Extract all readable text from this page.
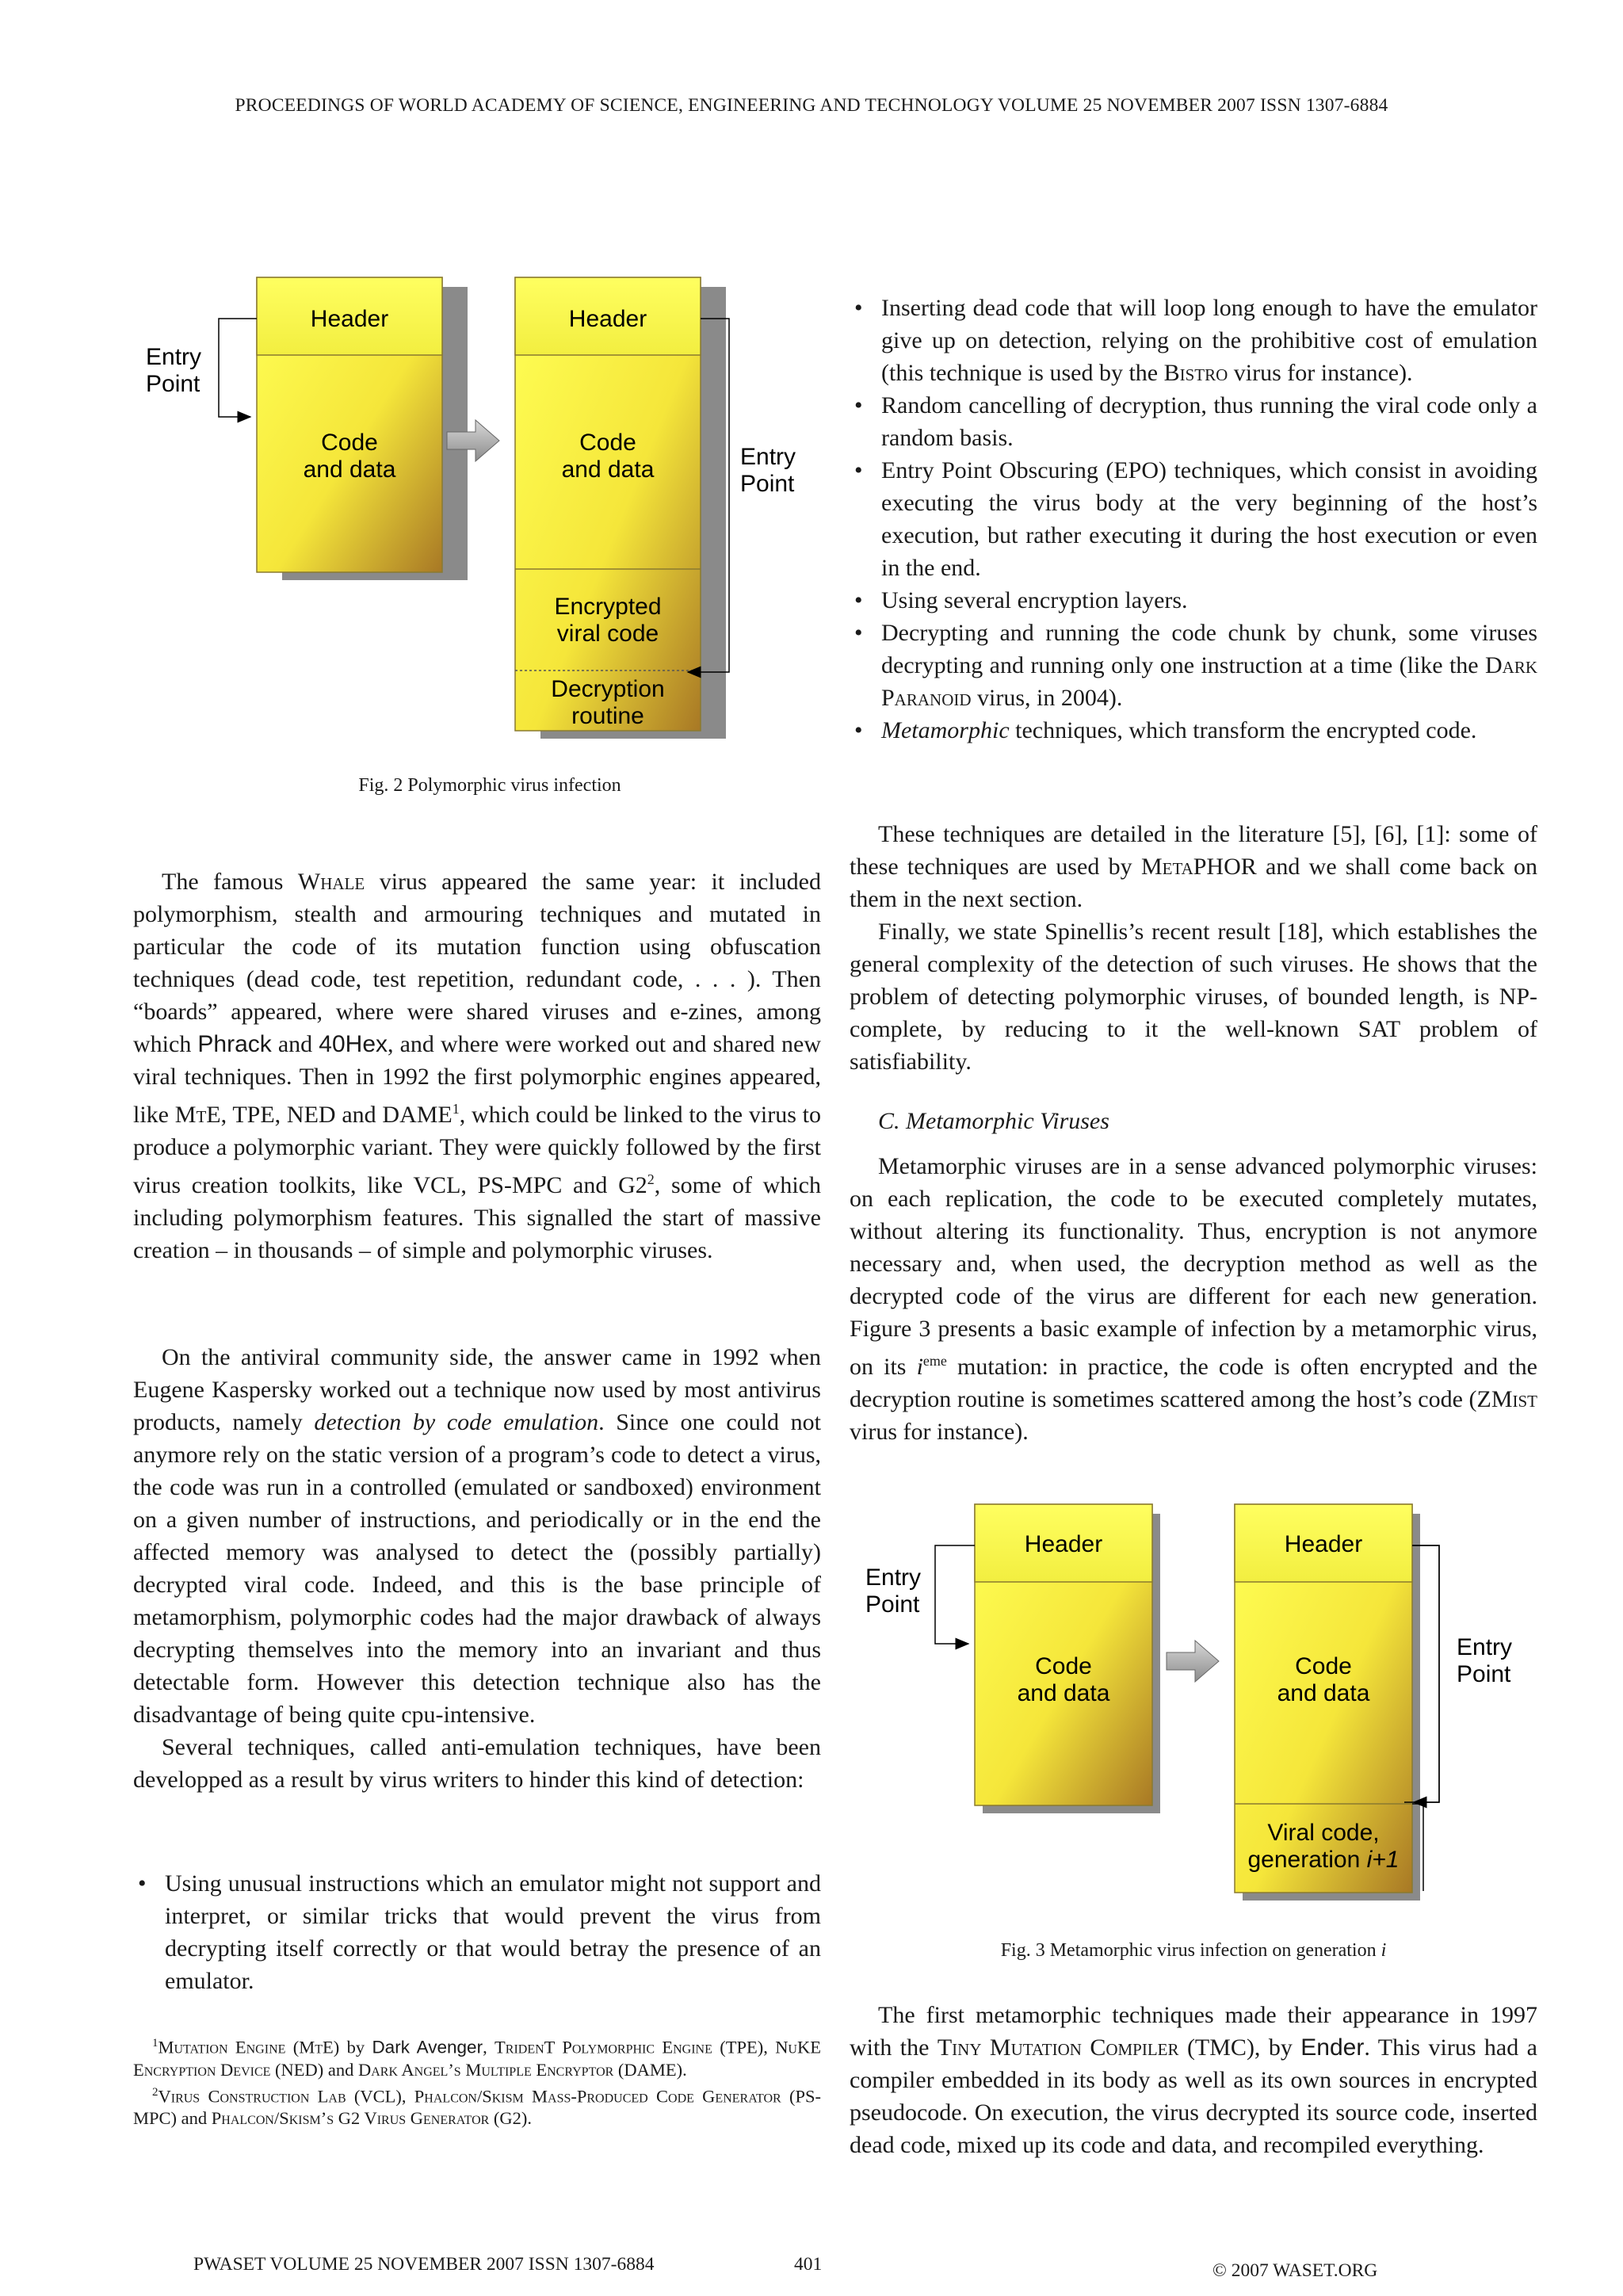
PROCEEDINGS OF WORLD ACADEMY OF SCIENCE, ENGINEERING AND TECHNOLOGY VOLUME 25 NOVEMBER 2007 ISSN 1307-6884
Header
Code
and data
Entry
Point
Header
Code
and data
Encrypted
viral code
Decryption
routine
Entry
Point
Fig. 2 Polymorphic virus infection

The famous Whale virus appeared the same year: it included polymorphism, stealth and armouring techniques and mutated in particular the code of its mutation function using obfuscation techniques (dead code, test repetition, redundant code, . . . ). Then “boards” appeared, where were shared viruses and e-zines, among which Phrack and 40Hex, and where were worked out and shared new viral techniques. Then in 1992 the first polymorphic engines appeared, like MtE, TPE, NED and DAME$^1$, which could be linked to the virus to produce a polymorphic variant. They were quickly followed by the first virus creation toolkits, like VCL, PS-MPC and $G2^2$, some of which including polymorphism features. This signalled the start of massive creation – in thousands – of simple and polymorphic viruses.

On the antiviral community side, the answer came in 1992 when Eugene Kaspersky worked out a technique now used by most antivirus products, namely detection by code emulation. Since one could not anymore rely on the static version of a program’s code to detect a virus, the code was run in a controlled (emulated or sandboxed) environment on a given number of instructions, and periodically or in the end the affected memory was analysed to detect the (possibly partially) decrypted viral code. Indeed, and this is the base principle of metamorphism, polymorphic codes had the major drawback of always decrypting themselves into the memory into an invariant and thus detectable form. However this detection technique also has the disadvantage of being quite cpu-intensive.

Several techniques, called anti-emulation techniques, have been developped as a result by virus writers to hinder this kind of detection:

• Using unusual instructions which an emulator might not support and interpret, or similar tricks that would prevent the virus from decrypting itself correctly or that would betray the presence of an emulator.
$^1$Mutation Engine (MtE) by Dark Avenger, TridenT Polymorphic Engine (TPE), NuKE Encryption Device (NED) and Dark Angel’s Multiple Encryptor (DAME).
$^2$Virus Construction Lab (VCL), Phalcon/Skism Mass-Produced Code Generator (PS-MPC) and Phalcon/Skism’s G2 Virus Generator (G2).
• Inserting dead code that will loop long enough to have the emulator give up on detection, relying on the prohibitive cost of emulation (this technique is used by the Bistro virus for instance).
• Random cancelling of decryption, thus running the viral code only a random basis.
• Entry Point Obscuring (EPO) techniques, which consist in avoiding executing the virus body at the very beginning of the host’s execution, but rather executing it during the host execution or even in the end.
• Using several encryption layers.
• Decrypting and running the code chunk by chunk, some viruses decrypting and running only one instruction at a time (like the Dark Paranoid virus, in 2004).
• Metamorphic techniques, which transform the encrypted code.

These techniques are detailed in the literature [5], [6], [1]: some of these techniques are used by MetaPHOR and we shall come back on them in the next section.

Finally, we state Spinellis’s recent result [18], which establishes the general complexity of the detection of such viruses. He shows that the problem of detecting polymorphic viruses, of bounded length, is NP-complete, by reducing to it the well-known SAT problem of satisfiability.

C. Metamorphic Viruses

Metamorphic viruses are in a sense advanced polymorphic viruses: on each replication, the code to be executed completely mutates, without altering its functionality. Thus, encryption is not anymore necessary and, when used, the decryption method as well as the decrypted code of the virus are different for each new generation. Figure 3 presents a basic example of infection by a metamorphic virus, on its $i^{eme}$ mutation: in practice, the code is often encrypted and the decryption routine is sometimes scattered among the host’s code (ZMist virus for instance).

Header
Code
and data
Entry
Point
Header
Code
and data
Viral code,
generation i+1
Entry
Point
Fig. 3 Metamorphic virus infection on generation i

The first metamorphic techniques made their appearance in 1997 with the Tiny Mutation Compiler (TMC), by Ender. This virus had a compiler embedded in its body as well as its own sources in encrypted pseudocode. On execution, the virus decrypted its source code, inserted dead code, mixed up its code and data, and recompiled everything.

PWASET VOLUME 25 NOVEMBER 2007 ISSN 1307-6884	401	© 2007 WASET.ORG
